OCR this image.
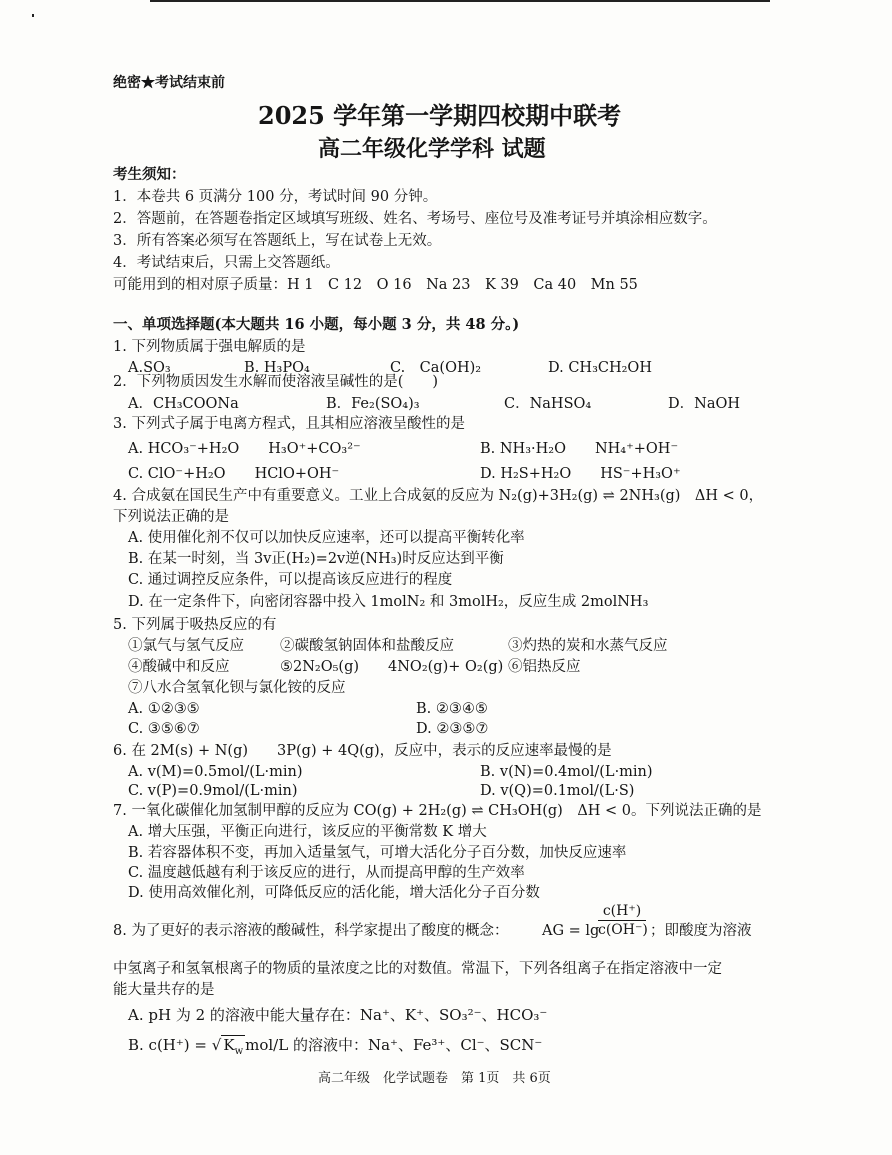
绝密★考试结束前
2025 学年第一学期四校期中联考
高二年级化学学科 试题
考生须知：
1．本卷共 6 页满分 100 分，考试时间 90 分钟。
2．答题前，在答题卷指定区域填写班级、姓名、考场号、座位号及准考证号并填涂相应数字。
3．所有答案必须写在答题纸上，写在试卷上无效。
4．考试结束后，只需上交答题纸。
可能用到的相对原子质量：H 1　C 12　O 16　Na 23　K 39　Ca 40　Mn 55
一、单项选择题(本大题共 16 小题，每小题 3 分，共 48 分。)
1. 下列物质属于强电解质的是
A.SO₃	B. H₃PO₄	C.　Ca(OH)₂	D. CH₃CH₂OH
2．下列物质因发生水解而使溶液呈碱性的是(　　)
A．CH₃COONa	B．Fe₂(SO₄)₃	C．NaHSO₄	D．NaOH
3. 下列式子属于电离方程式，且其相应溶液呈酸性的是
A. HCO₃⁻+H₂O　　H₃O⁺+CO₃²⁻	B. NH₃·H₂O　　NH₄⁺+OH⁻
C. ClO⁻+H₂O　　HClO+OH⁻	D. H₂S+H₂O　　HS⁻+H₃O⁺
4. 合成氨在国民生产中有重要意义。工业上合成氨的反应为 N₂(g)+3H₂(g) ⇌ 2NH₃(g)　ΔH < 0，
下列说法正确的是
A. 使用催化剂不仅可以加快反应速率，还可以提高平衡转化率
B. 在某一时刻，当 3v正(H₂)=2v逆(NH₃)时反应达到平衡
C. 通过调控反应条件，可以提高该反应进行的程度
D. 在一定条件下，向密闭容器中投入 1molN₂ 和 3molH₂，反应生成 2molNH₃
5. 下列属于吸热反应的有
①氯气与氢气反应 ②碳酸氢钠固体和盐酸反应	③灼热的炭和水蒸气反应
④酸碱中和反应	⑤2N₂O₅(g)　　4NO₂(g)+ O₂(g) ⑥铝热反应
⑦八水合氢氧化钡与氯化铵的反应
A. ①②③⑤	B. ②③④⑤
C. ③⑤⑥⑦	D. ②③⑤⑦
6. 在 2M(s) + N(g)　　3P(g) + 4Q(g)，反应中，表示的反应速率最慢的是
A. v(M)=0.5mol/(L·min)	B. v(N)=0.4mol/(L·min)
C. v(P)=0.9mol/(L·min)	D. v(Q)=0.1mol/(L·S)
7. 一氧化碳催化加氢制甲醇的反应为 CO(g) + 2H₂(g) ⇌ CH₃OH(g)　ΔH < 0。下列说法正确的是
A. 增大压强，平衡正向进行，该反应的平衡常数 K 增大
B. 若容器体积不变，再加入适量氢气，可增大活化分子百分数，加快反应速率
C. 温度越低越有利于该反应的进行，从而提高甲醇的生产效率
D. 使用高效催化剂，可降低反应的活化能，增大活化分子百分数
8. 为了更好的表示溶液的酸碱性，科学家提出了酸度的概念： AG = lg
c(H⁺)
c(OH⁻) ；即酸度为溶液
中氢离子和氢氧根离子的物质的量浓度之比的对数值。常温下，下列各组离子在指定溶液中一定
能大量共存的是
A. pH 为 2 的溶液中能大量存在：Na⁺、K⁺、SO₃²⁻、HCO₃⁻
B. c(H⁺) = √ $K_w$ mol/L 的溶液中：Na⁺、Fe³⁺、Cl⁻、SCN⁻
高二年级　化学试题卷　第 1页　共 6页
